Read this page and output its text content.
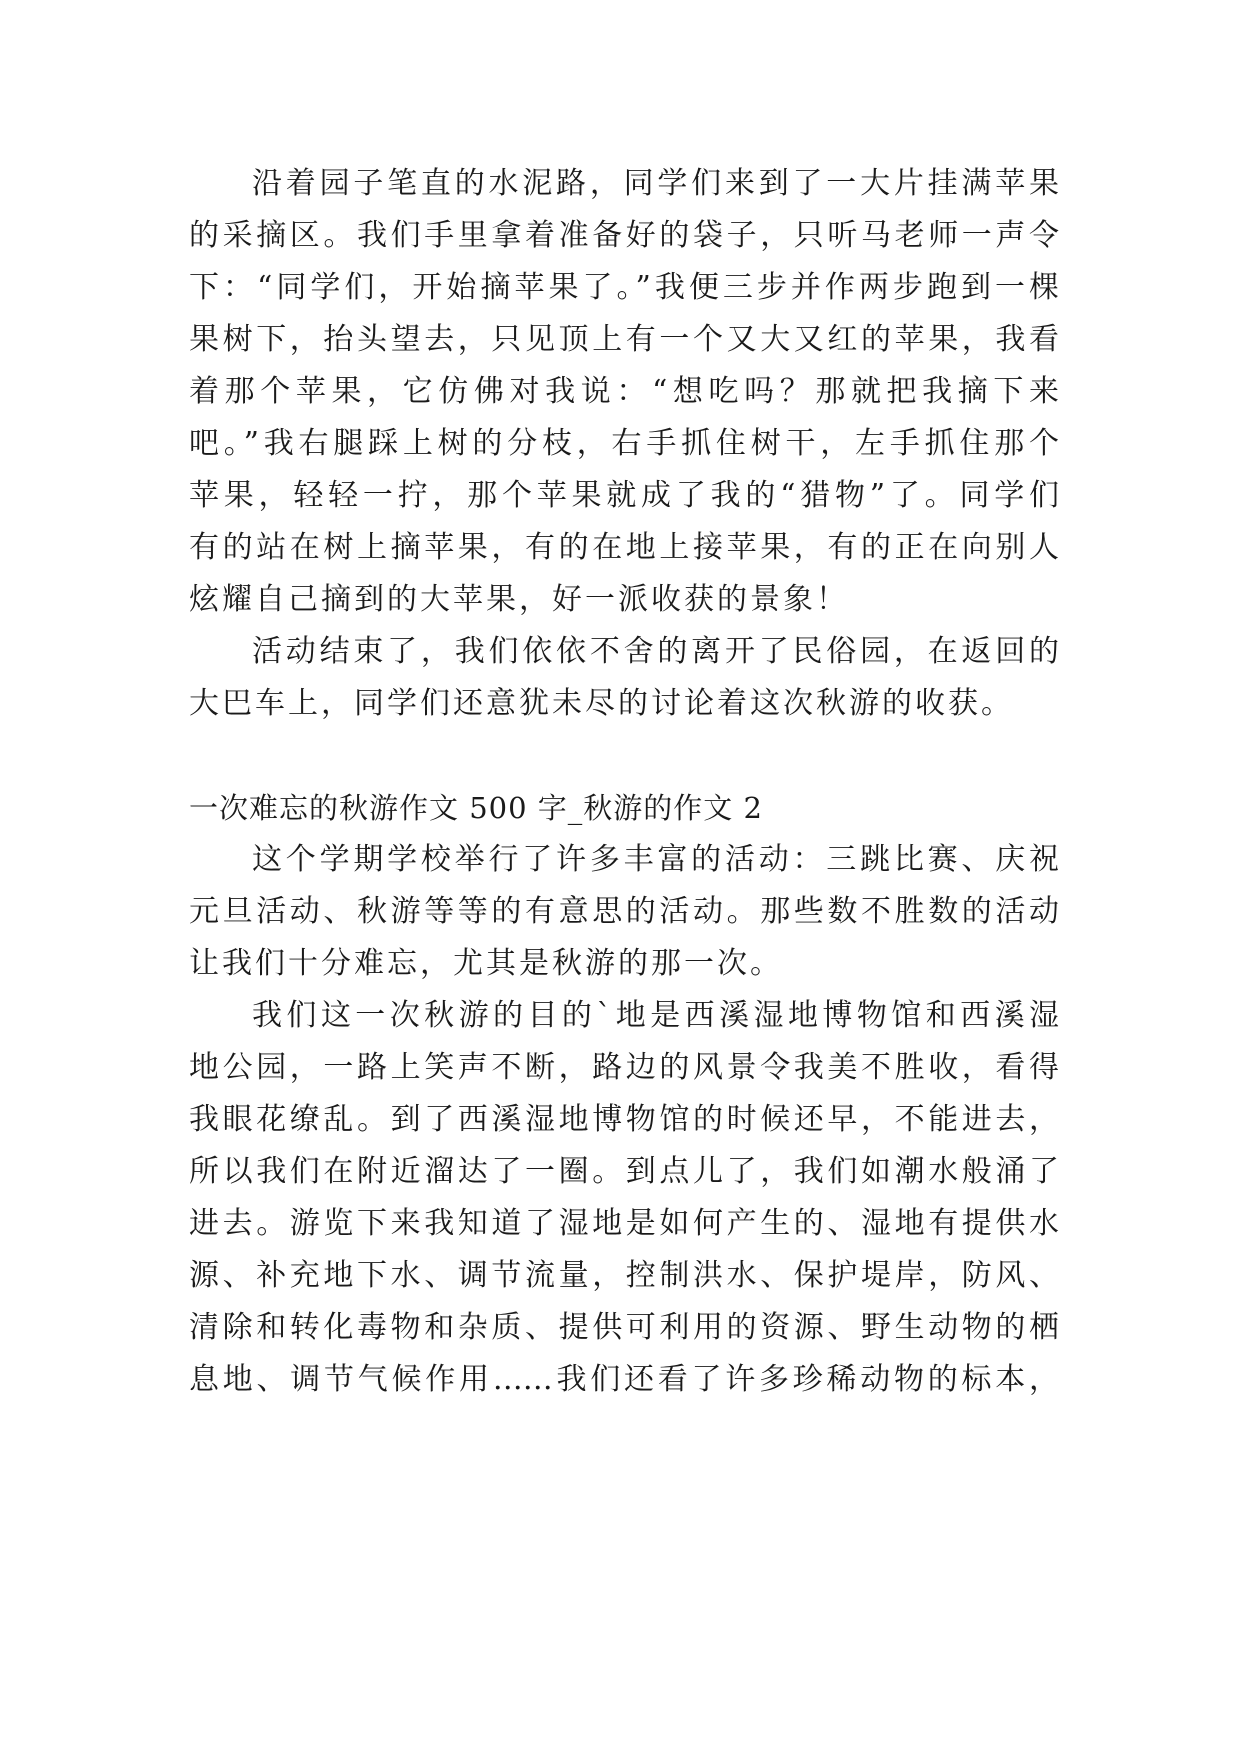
沿着园子笔直的水泥路，同学们来到了一大片挂满苹果
的采摘区。我们手里拿着准备好的袋子，只听马老师一声令
下：“同学们，开始摘苹果了。”我便三步并作两步跑到一棵
果树下，抬头望去，只见顶上有一个又大又红的苹果，我看
着那个苹果，它仿佛对我说：“想吃吗？那就把我摘下来
吧。”我右腿踩上树的分枝，右手抓住树干，左手抓住那个
苹果，轻轻一拧，那个苹果就成了我的“猎物”了。同学们
有的站在树上摘苹果，有的在地上接苹果，有的正在向别人
炫耀自己摘到的大苹果，好一派收获的景象！
活动结束了，我们依依不舍的离开了民俗园，在返回的
大巴车上，同学们还意犹未尽的讨论着这次秋游的收获。
一次难忘的秋游作文 500 字_秋游的作文 2
这个学期学校举行了许多丰富的活动：三跳比赛、庆祝
元旦活动、秋游等等的有意思的活动。那些数不胜数的活动
让我们十分难忘，尤其是秋游的那一次。
我们这一次秋游的目的`地是西溪湿地博物馆和西溪湿
地公园，一路上笑声不断，路边的风景令我美不胜收，看得
我眼花缭乱。到了西溪湿地博物馆的时候还早，不能进去，
所以我们在附近溜达了一圈。到点儿了，我们如潮水般涌了
进去。游览下来我知道了湿地是如何产生的、湿地有提供水
源、补充地下水、调节流量，控制洪水、保护堤岸，防风、
清除和转化毒物和杂质、提供可利用的资源、野生动物的栖
息地、调节气候作用……我们还看了许多珍稀动物的标本，
